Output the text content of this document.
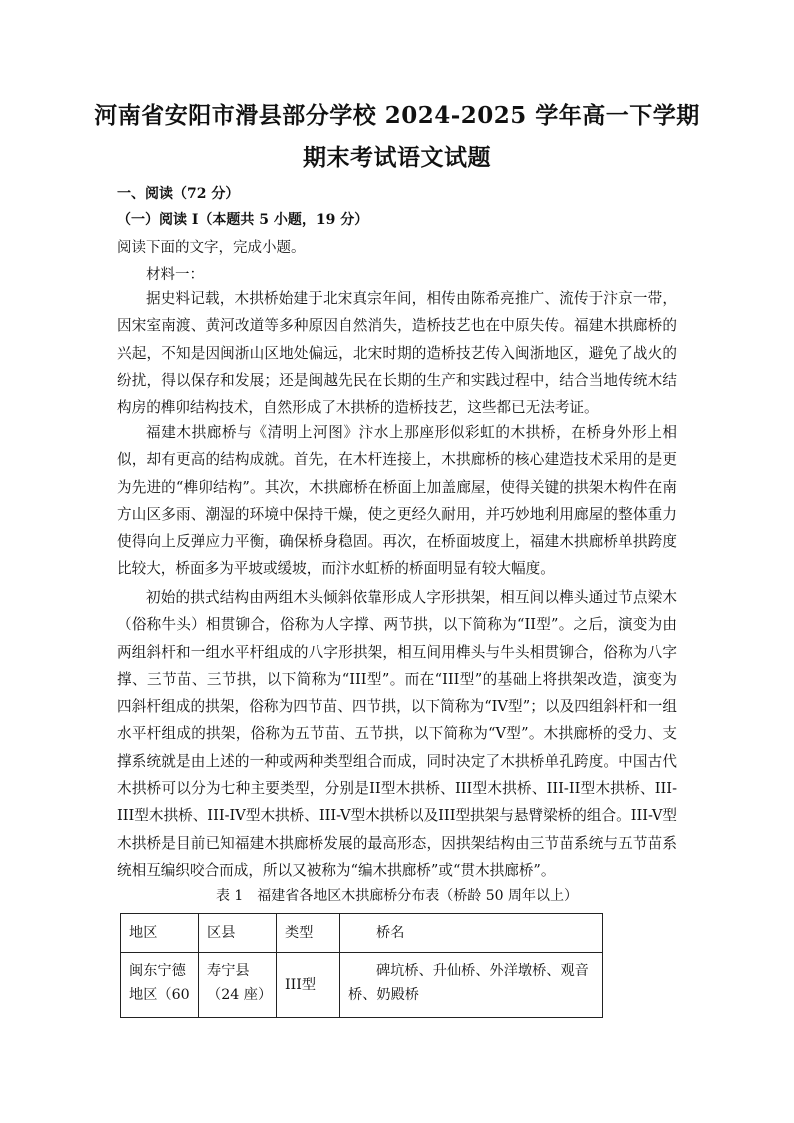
河南省安阳市滑县部分学校 2024-2025 学年高一下学期
期末考试语文试题
一、阅读（72 分）
（一）阅读 I（本题共 5 小题，19 分）
阅读下面的文字，完成小题。
材料一：
据史料记载，木拱桥始建于北宋真宗年间，相传由陈希亮推广、流传于汴京一带，因宋室南渡、黄河改道等多种原因自然消失，造桥技艺也在中原失传。福建木拱廊桥的兴起，不知是因闽浙山区地处偏远，北宋时期的造桥技艺传入闽浙地区，避免了战火的纷扰，得以保存和发展；还是闽越先民在长期的生产和实践过程中，结合当地传统木结构房的榫卯结构技术，自然形成了木拱桥的造桥技艺，这些都已无法考证。
福建木拱廊桥与《清明上河图》汴水上那座形似彩虹的木拱桥，在桥身外形上相似，却有更高的结构成就。首先，在木杆连接上，木拱廊桥的核心建造技术采用的是更为先进的“榫卯结构”。其次，木拱廊桥在桥面上加盖廊屋，使得关键的拱架木构件在南方山区多雨、潮湿的环境中保持干燥，使之更经久耐用，并巧妙地利用廊屋的整体重力使得向上反弹应力平衡，确保桥身稳固。再次，在桥面坡度上，福建木拱廊桥单拱跨度比较大，桥面多为平坡或缓坡，而汴水虹桥的桥面明显有较大幅度。
初始的拱式结构由两组木头倾斜依靠形成人字形拱架，相互间以榫头通过节点梁木（俗称牛头）相贯铆合，俗称为人字撑、两节拱，以下简称为“II型”。之后，演变为由两组斜杆和一组水平杆组成的八字形拱架，相互间用榫头与牛头相贯铆合，俗称为八字撑、三节苗、三节拱，以下简称为“III型”。而在“III型”的基础上将拱架改造，演变为四斜杆组成的拱架，俗称为四节苗、四节拱，以下简称为“IV型”；以及四组斜杆和一组水平杆组成的拱架，俗称为五节苗、五节拱，以下简称为“V型”。木拱廊桥的受力、支撑系统就是由上述的一种或两种类型组合而成，同时决定了木拱桥单孔跨度。中国古代木拱桥可以分为七种主要类型，分别是II型木拱桥、III型木拱桥、III-II型木拱桥、III-III型木拱桥、III-IV型木拱桥、III-V型木拱桥以及III型拱架与悬臂梁桥的组合。III-V型木拱桥是目前已知福建木拱廊桥发展的最高形态，因拱架结构由三节苗系统与五节苗系统相互编织咬合而成，所以又被称为“编木拱廊桥”或“贯木拱廊桥”。
表 1　福建省各地区木拱廊桥分布表（桥龄 50 周年以上）
地区	区县	类型	桥名
闽东宁德地区（60	寿宁县（24 座）	III型	碑坑桥、升仙桥、外洋墩桥、观音桥、奶殿桥
